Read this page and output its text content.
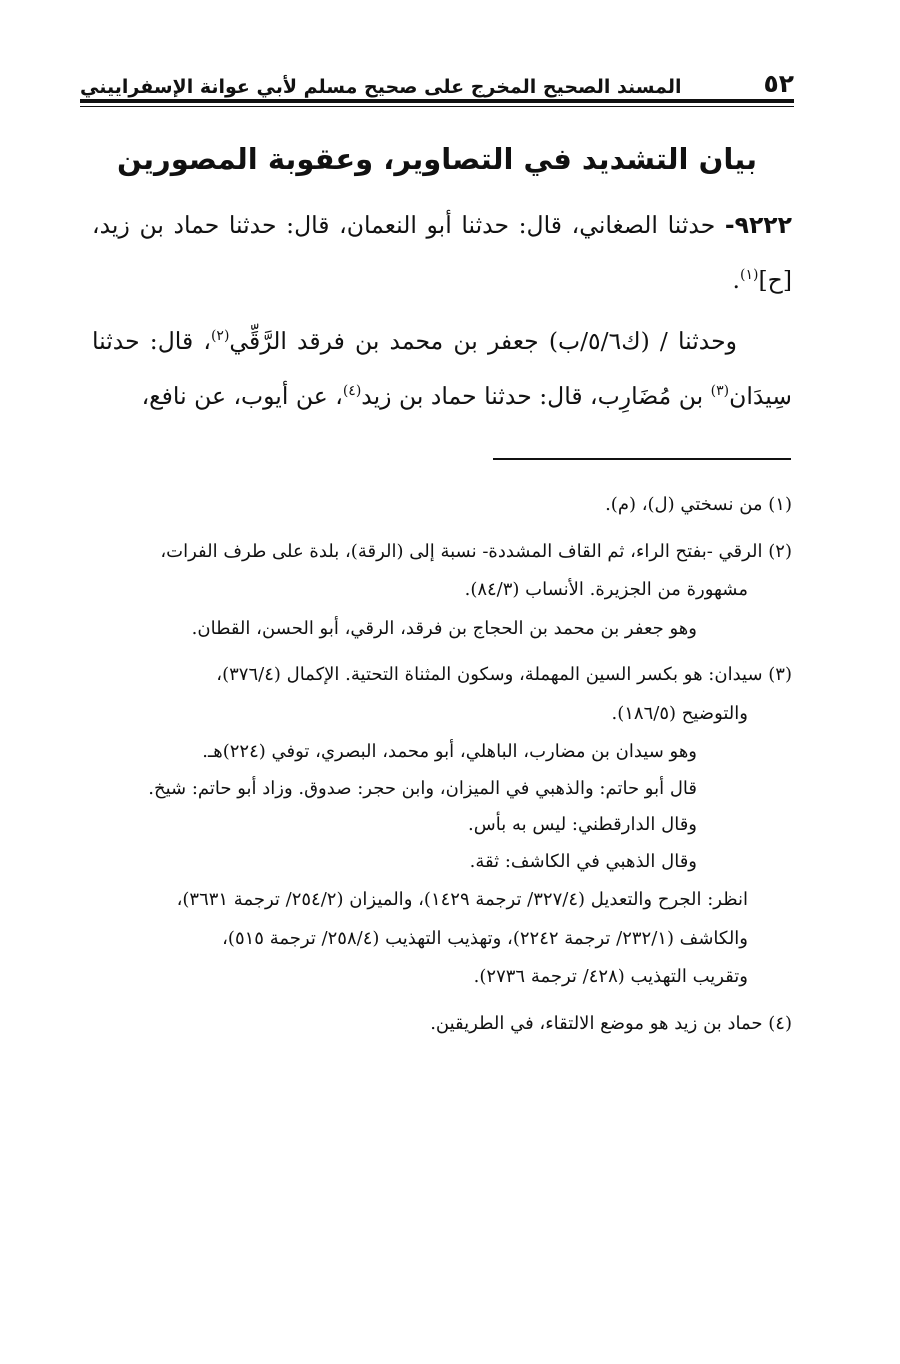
٥٢
المسند الصحيح المخرج على صحيح مسلم لأبي عوانة الإسفراييني
بيان التشديد في التصاوير، وعقوبة المصورين

٩٢٢٢- حدثنا الصغاني، قال: حدثنا أبو النعمان، قال: حدثنا حماد بن زيد، [ح]$^{(١)}$.

وحدثنا / (ك٥/٦/ب) جعفر بن محمد بن فرقد الرَّقِّي$^{(٢)}$، قال: حدثنا سِيدَان$^{(٣)}$ بن مُضَارِب، قال: حدثنا حماد بن زيد$^{(٤)}$، عن أيوب، عن نافع،

(١) من نسختي (ل)، (م).
(٢) الرقي -بفتح الراء، ثم القاف المشددة- نسبة إلى (الرقة)، بلدة على طرف الفرات،
مشهورة من الجزيرة. الأنساب (٨٤/٣).
وهو جعفر بن محمد بن الحجاج بن فرقد، الرقي، أبو الحسن، القطان.
(٣) سيدان: هو بكسر السين المهملة، وسكون المثناة التحتية. الإكمال (٣٧٦/٤)،
والتوضيح (١٨٦/٥).
وهو سيدان بن مضارب، الباهلي، أبو محمد، البصري، توفي (٢٢٤)هـ.
قال أبو حاتم: والذهبي في الميزان، وابن حجر: صدوق. وزاد أبو حاتم: شيخ.
وقال الدارقطني: ليس به بأس.
وقال الذهبي في الكاشف: ثقة.
انظر: الجرح والتعديل (٣٢٧/٤/ ترجمة ١٤٢٩)، والميزان (٢٥٤/٢/ ترجمة ٣٦٣١)،
والكاشف (٢٣٢/١/ ترجمة ٢٢٤٢)، وتهذيب التهذيب (٢٥٨/٤/ ترجمة ٥١٥)،
وتقريب التهذيب (٤٢٨/ ترجمة ٢٧٣٦).
(٤) حماد بن زيد هو موضع الالتقاء، في الطريقين.
